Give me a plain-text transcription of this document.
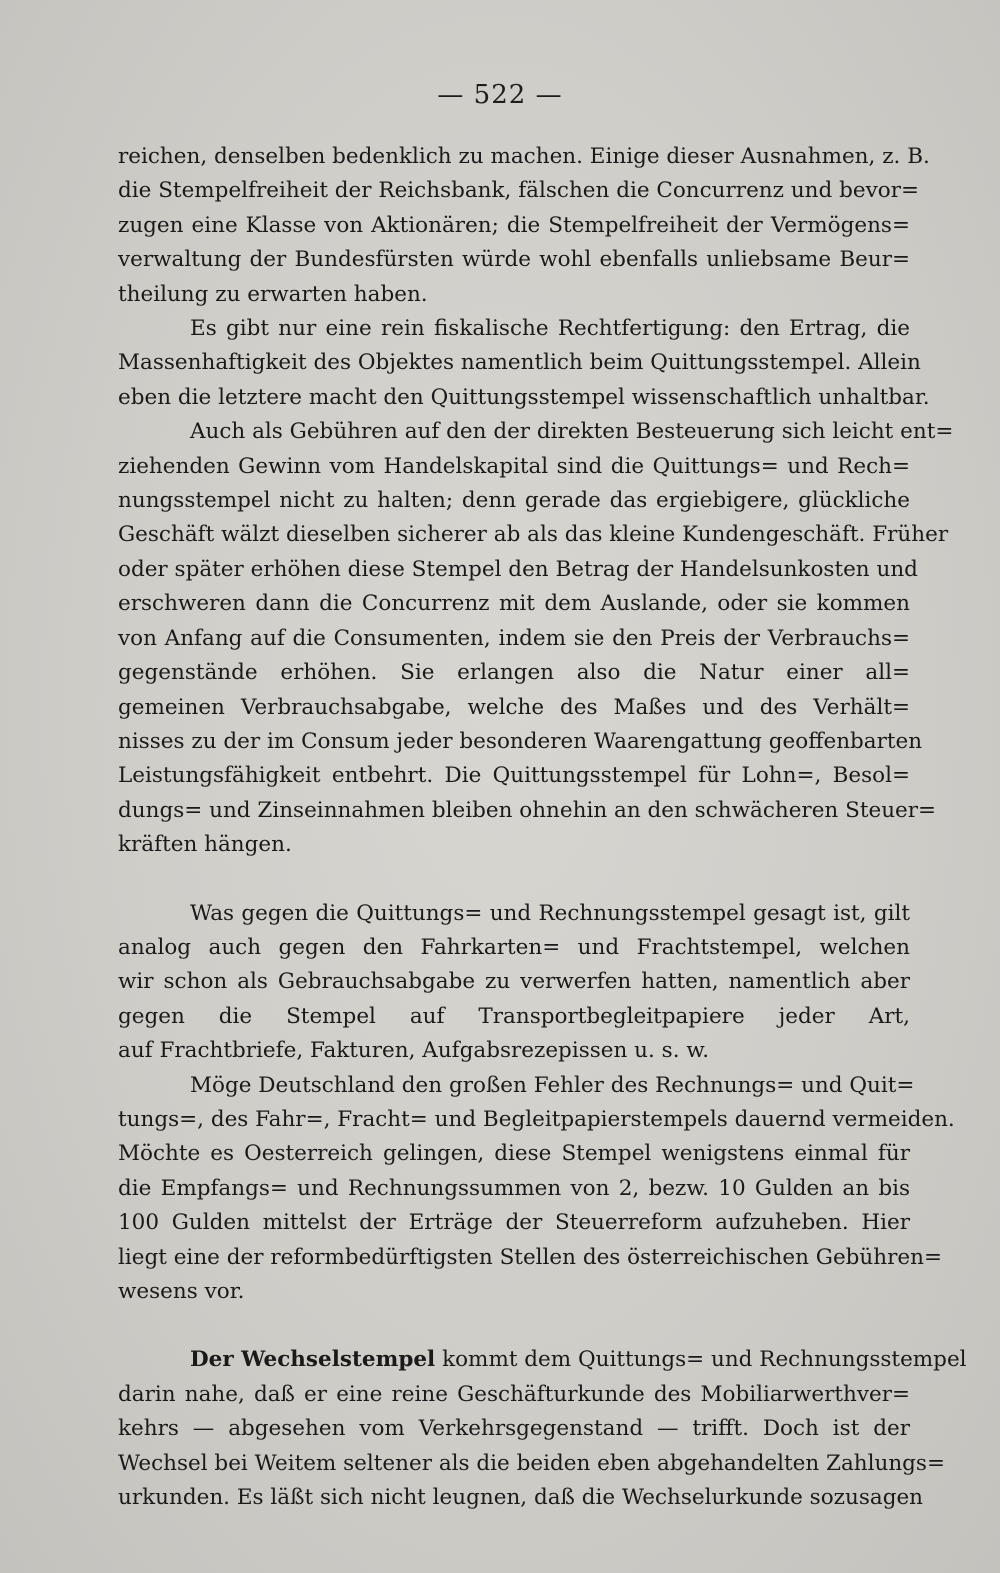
— 522 —
reichen, denselben bedenklich zu machen. Einige dieser Ausnahmen, z. B.
die Stempelfreiheit der Reichsbank, fälschen die Concurrenz und bevor=
zugen eine Klasse von Aktionären; die Stempelfreiheit der Vermögens=
verwaltung der Bundesfürsten würde wohl ebenfalls unliebsame Beur=
theilung zu erwarten haben.
Es gibt nur eine rein fiskalische Rechtfertigung: den Ertrag, die
Massenhaftigkeit des Objektes namentlich beim Quittungsstempel. Allein
eben die letztere macht den Quittungsstempel wissenschaftlich unhaltbar.
Auch als Gebühren auf den der direkten Besteuerung sich leicht ent=
ziehenden Gewinn vom Handelskapital sind die Quittungs= und Rech=
nungsstempel nicht zu halten; denn gerade das ergiebigere, glückliche
Geschäft wälzt dieselben sicherer ab als das kleine Kundengeschäft. Früher
oder später erhöhen diese Stempel den Betrag der Handelsunkosten und
erschweren dann die Concurrenz mit dem Auslande, oder sie kommen
von Anfang auf die Consumenten, indem sie den Preis der Verbrauchs=
gegenstände erhöhen. Sie erlangen also die Natur einer all=
gemeinen Verbrauchsabgabe, welche des Maßes und des Verhält=
nisses zu der im Consum jeder besonderen Waarengattung geoffenbarten
Leistungsfähigkeit entbehrt. Die Quittungsstempel für Lohn=, Besol=
dungs= und Zinseinnahmen bleiben ohnehin an den schwächeren Steuer=
kräften hängen.
Was gegen die Quittungs= und Rechnungsstempel gesagt ist, gilt
analog auch gegen den Fahrkarten= und Frachtstempel, welchen
wir schon als Gebrauchsabgabe zu verwerfen hatten, namentlich aber
gegen die Stempel auf Transportbegleitpapiere jeder Art,
auf Frachtbriefe, Fakturen, Aufgabsrezepissen u. s. w.
Möge Deutschland den großen Fehler des Rechnungs= und Quit=
tungs=, des Fahr=, Fracht= und Begleitpapierstempels dauernd vermeiden.
Möchte es Oesterreich gelingen, diese Stempel wenigstens einmal für
die Empfangs= und Rechnungssummen von 2, bezw. 10 Gulden an bis
100 Gulden mittelst der Erträge der Steuerreform aufzuheben. Hier
liegt eine der reformbedürftigsten Stellen des österreichischen Gebühren=
wesens vor.
Der Wechselstempel kommt dem Quittungs= und Rechnungsstempel
darin nahe, daß er eine reine Geschäfturkunde des Mobiliarwerthver=
kehrs — abgesehen vom Verkehrsgegenstand — trifft. Doch ist der
Wechsel bei Weitem seltener als die beiden eben abgehandelten Zahlungs=
urkunden. Es läßt sich nicht leugnen, daß die Wechselurkunde sozusagen
